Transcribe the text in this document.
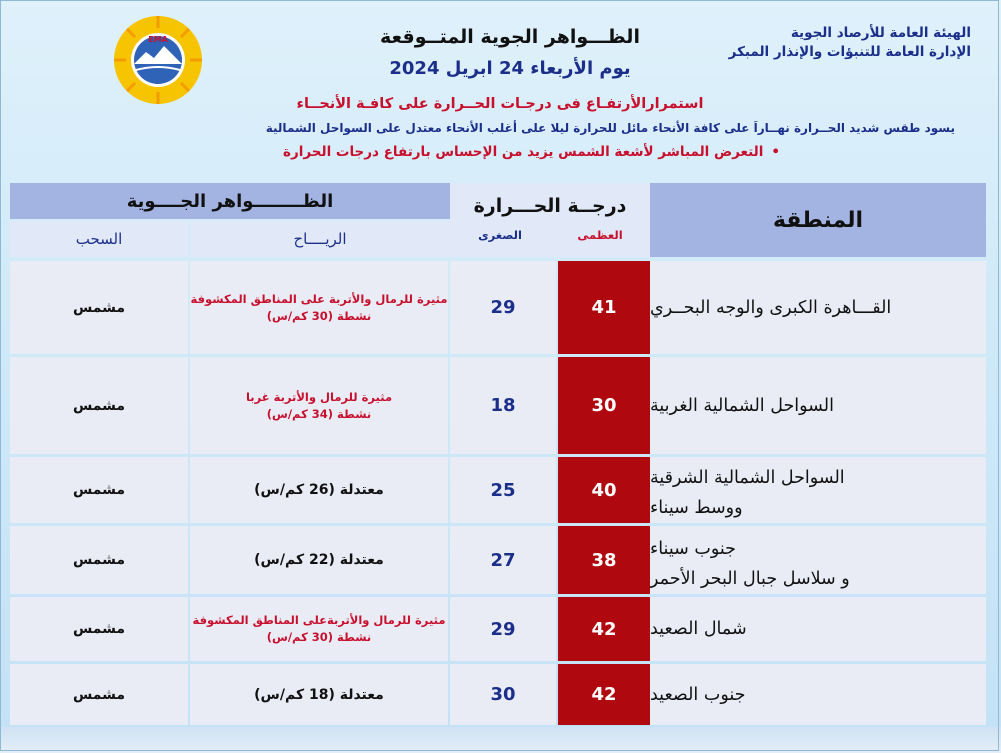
EMA	الهيئة العامة للأرصاد الجوية
الإدارة العامة للتنبؤات والإنذار المبكر
الظـــواهر الجوية المتــوقعة
يوم الأربعاء 24 ابريل 2024
استمرارالأرتفـاع فى درجـات الحــرارة على كافـة الأنحــاء
يسود طقس شديد الحــرارة نهــاراَ على كافة الأنحاء مائل للحرارة ليلا على أغلب الأنحاء معتدل على السواحل الشمالية
•التعرض المباشر لأشعة الشمس يزيد من الإحساس بارتفاع درجات الحرارة
المنطقة
درجــة الحـــرارة
العظمى
الصغرى
الظــــــــواهر الجــــوية
الريــــاح
السحب
القـــاهرة الكبرى والوجه البحــري
41
29
مثيرة للرمال والأتربة على المناطق المكشوفة
نشطة (30 كم/س)
مشمس
السواحل الشمالية الغربية
30
18
مثيرة للرمال والأتربة غربا
نشطة (34 كم/س)
مشمس
السواحل الشمالية الشرقية
ووسط سيناء
40
25
معتدلة (26 كم/س)
مشمس
جنوب سيناء
و سلاسل جبال البحر الأحمر
38
27
معتدلة (22 كم/س)
مشمس
شمال الصعيد
42
29
مثيرة للرمال والأتربةعلى المناطق المكشوفة
نشطة (30 كم/س)
مشمس
جنوب الصعيد
42
30
معتدلة (18 كم/س)
مشمس
